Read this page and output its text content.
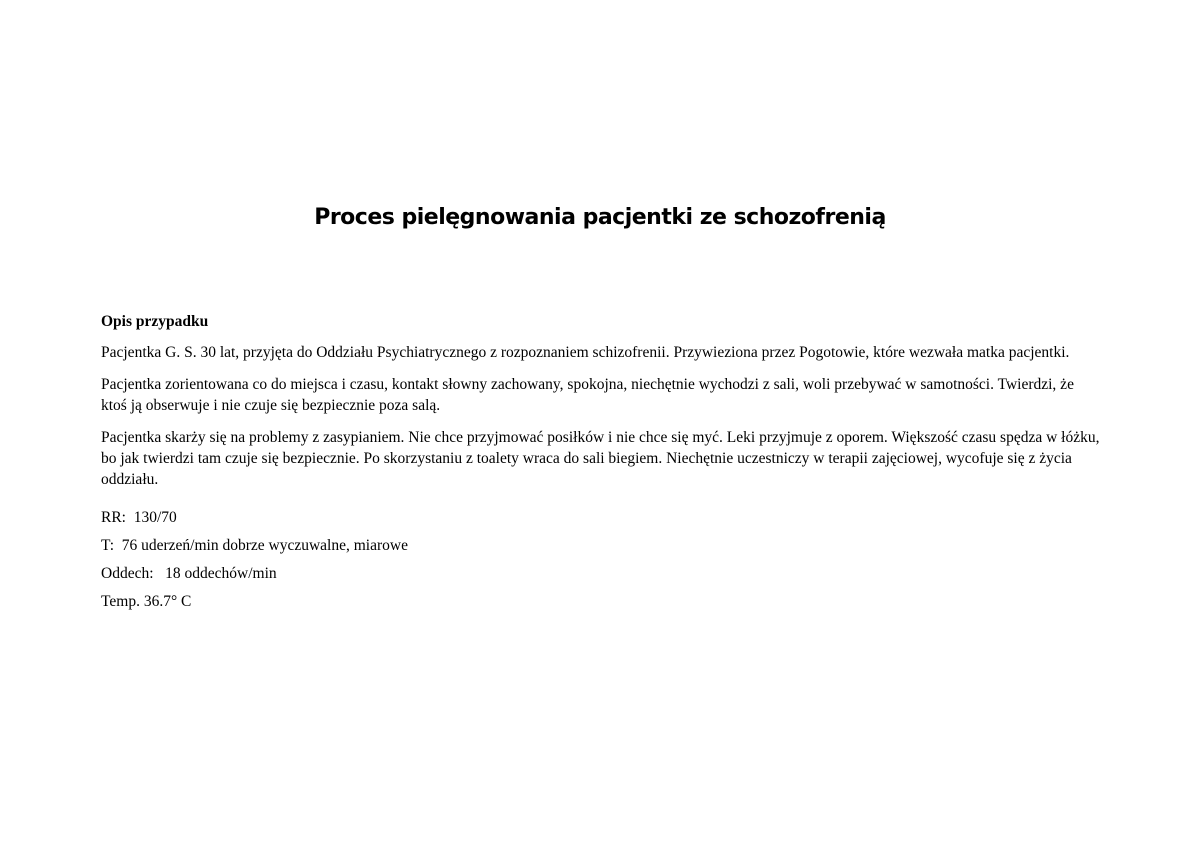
Proces pielęgnowania pacjentki ze schozofrenią

Opis przypadku

Pacjentka G. S. 30 lat, przyjęta do Oddziału Psychiatrycznego z rozpoznaniem schizofrenii. Przywieziona przez Pogotowie, które wezwała matka pacjentki.

Pacjentka zorientowana co do miejsca i czasu, kontakt słowny zachowany, spokojna, niechętnie wychodzi z sali, woli przebywać w samotności. Twierdzi, że ktoś ją obserwuje i nie czuje się bezpiecznie poza salą.

Pacjentka skarży się na problemy z zasypianiem. Nie chce przyjmować posiłków i nie chce się myć. Leki przyjmuje z oporem. Większość czasu spędza w łóżku, bo jak twierdzi tam czuje się bezpiecznie. Po skorzystaniu z toalety wraca do sali biegiem. Niechętnie uczestniczy w terapii zajęciowej, wycofuje się z życia oddziału.

RR:  130/70

T:  76 uderzeń/min dobrze wyczuwalne, miarowe

Oddech:   18 oddechów/min

Temp. 36.7° C
